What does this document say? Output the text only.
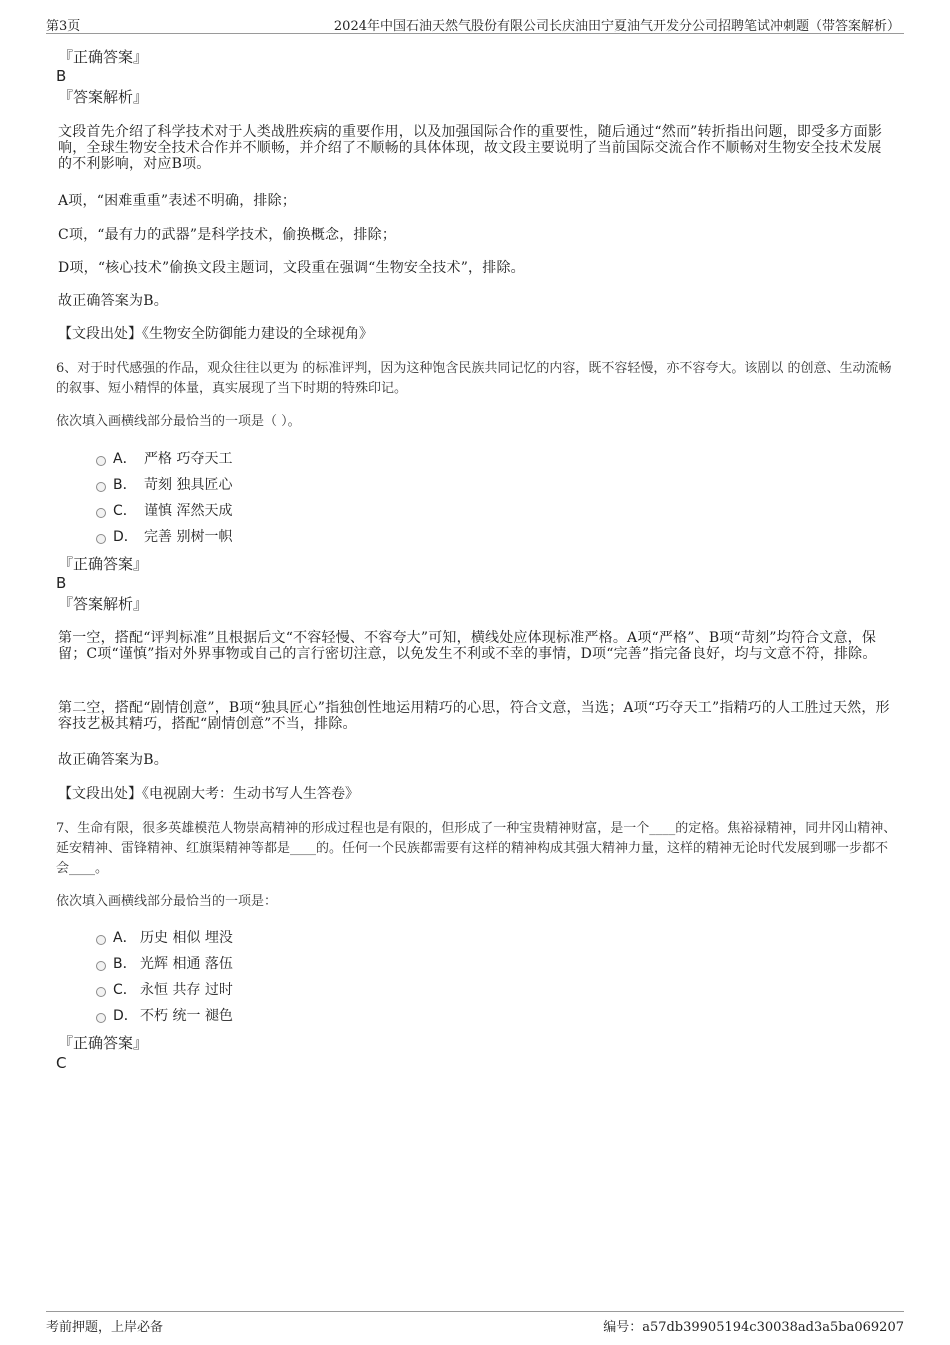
第3页	2024年中国石油天然气股份有限公司长庆油田宁夏油气开发分公司招聘笔试冲刺题（带答案解析）
『正确答案』
B
『答案解析』
文段首先介绍了科学技术对于人类战胜疾病的重要作用，以及加强国际合作的重要性，随后通过“然而”转折指出问题，即受多方面影响，全球生物安全技术合作并不顺畅，并介绍了不顺畅的具体体现，故文段主要说明了当前国际交流合作不顺畅对生物安全技术发展的不利影响，对应B项。
A项，“困难重重”表述不明确，排除；
C项，“最有力的武器”是科学技术，偷换概念，排除；
D项，“核心技术”偷换文段主题词，文段重在强调“生物安全技术”，排除。
故正确答案为B。
【文段出处】《生物安全防御能力建设的全球视角》
6、对于时代感强的作品，观众往往以更为 的标准评判，因为这种饱含民族共同记忆的内容，既不容轻慢，亦不容夸大。该剧以 的创意、生动流畅的叙事、短小精悍的体量，真实展现了当下时期的特殊印记。
依次填入画横线部分最恰当的一项是（ ）。
A． 严格 巧夺天工
B． 苛刻 独具匠心
C． 谨慎 浑然天成
D． 完善 别树一帜
『正确答案』
B
『答案解析』
第一空，搭配“评判标准”且根据后文“不容轻慢、不容夸大”可知，横线处应体现标准严格。A项“严格”、B项“苛刻”均符合文意，保留；C项“谨慎”指对外界事物或自己的言行密切注意，以免发生不利或不幸的事情，D项“完善”指完备良好，均与文意不符，排除。
第二空，搭配“剧情创意”，B项“独具匠心”指独创性地运用精巧的心思，符合文意，当选；A项“巧夺天工”指精巧的人工胜过天然，形容技艺极其精巧，搭配“剧情创意”不当，排除。
故正确答案为B。
【文段出处】《电视剧大考：生动书写人生答卷》
7、生命有限，很多英雄模范人物崇高精神的形成过程也是有限的，但形成了一种宝贵精神财富，是一个____的定格。焦裕禄精神，同井冈山精神、延安精神、雷锋精神、红旗渠精神等都是____的。任何一个民族都需要有这样的精神构成其强大精神力量，这样的精神无论时代发展到哪一步都不会____。
依次填入画横线部分最恰当的一项是：
A． 历史 相似 埋没
B． 光辉 相通 落伍
C． 永恒 共存 过时
D． 不朽 统一 褪色
『正确答案』
C
考前押题，上岸必备	编号：a57db39905194c30038ad3a5ba069207
